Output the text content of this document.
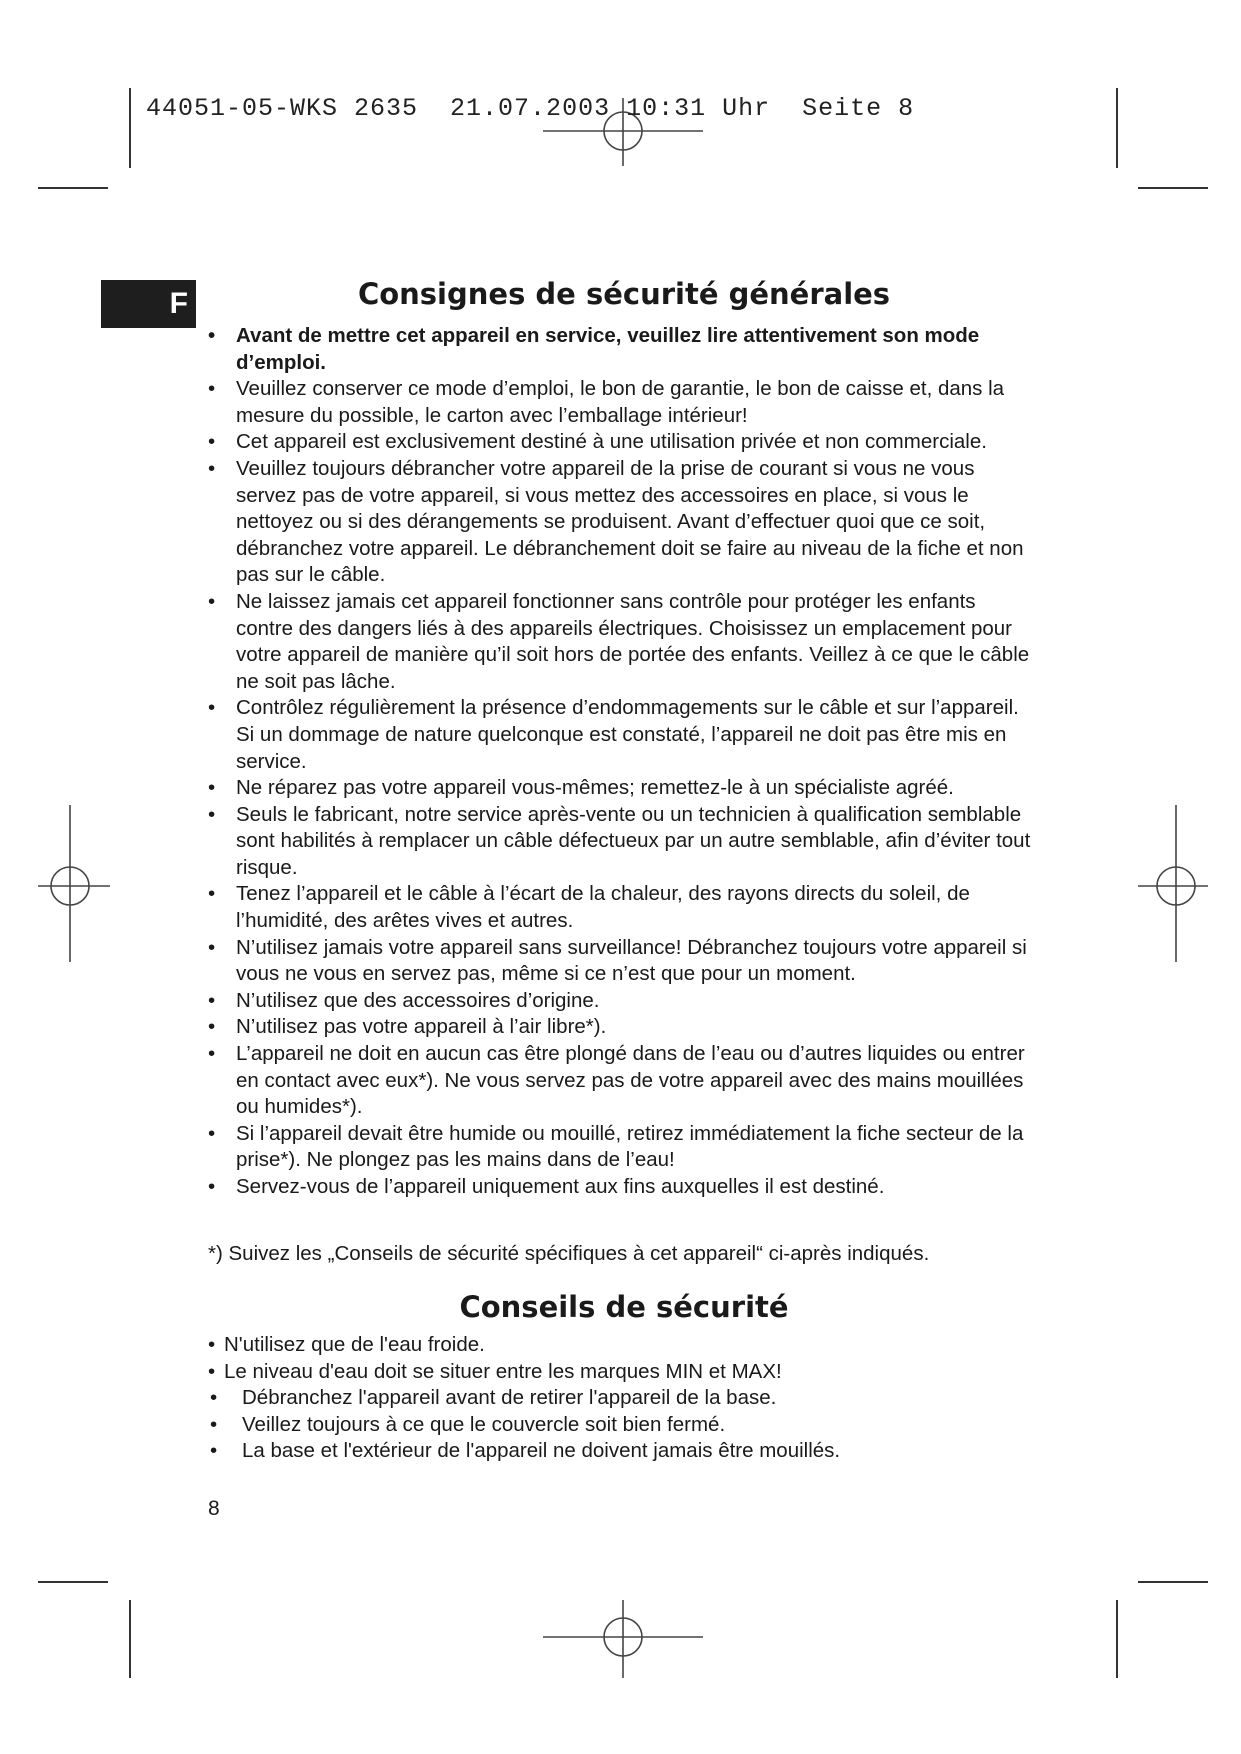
44051-05-WKS 2635  21.07.2003 10:31 Uhr  Seite 8
F	Consignes de sécurité générales
• Avant de mettre cet appareil en service, veuillez lire attentivement son mode d’emploi.
• Veuillez conserver ce mode d’emploi, le bon de garantie, le bon de caisse et, dans la mesure du possible, le carton avec l’emballage intérieur!
• Cet appareil est exclusivement destiné à une utilisation privée et non commerciale.
• Veuillez toujours débrancher votre appareil de la prise de courant si vous ne vous servez pas de votre appareil, si vous mettez des accessoires en place, si vous le nettoyez ou si des dérangements se produisent. Avant d’effectuer quoi que ce soit, débranchez votre appareil. Le débranchement doit se faire au niveau de la fiche et non pas sur le câble.
• Ne laissez jamais cet appareil fonctionner sans contrôle pour protéger les enfants contre des dangers liés à des appareils électriques. Choisissez un emplacement pour votre appareil de manière qu’il soit hors de portée des enfants. Veillez à ce que le câble ne soit pas lâche.
• Contrôlez régulièrement la présence d’endommagements sur le câble et sur l’appareil. Si un dommage de nature quelconque est constaté, l’appareil ne doit pas être mis en service.
• Ne réparez pas votre appareil vous-mêmes; remettez-le à un spécialiste agréé.
• Seuls le fabricant, notre service après-vente ou un technicien à qualification semblable sont habilités à remplacer un câble défectueux par un autre semblable, afin d’éviter tout risque.
• Tenez l’appareil et le câble à l’écart de la chaleur, des rayons directs du soleil, de l’humidité, des arêtes vives et autres.
• N’utilisez jamais votre appareil sans surveillance! Débranchez toujours votre appareil si vous ne vous en servez pas, même si ce n’est que pour un moment.
• N’utilisez que des accessoires d’origine.
• N’utilisez pas votre appareil à l’air libre*).
• L’appareil ne doit en aucun cas être plongé dans de l’eau ou d’autres liquides ou entrer en contact avec eux*). Ne vous servez pas de votre appareil avec des mains mouillées ou humides*).
• Si l’appareil devait être humide ou mouillé, retirez immédiatement la fiche secteur de la prise*). Ne plongez pas les mains dans de l’eau!
• Servez-vous de l’appareil uniquement aux fins auxquelles il est destiné.
*) Suivez les „Conseils de sécurité spécifiques à cet appareil“ ci-après indiqués.
Conseils de sécurité
• N'utilisez que de l'eau froide.
• Le niveau d'eau doit se situer entre les marques MIN et MAX!
• Débranchez l'appareil avant de retirer l'appareil de la base.
• Veillez toujours à ce que le couvercle soit bien fermé.
• La base et l'extérieur de l'appareil ne doivent jamais être mouillés.
8
